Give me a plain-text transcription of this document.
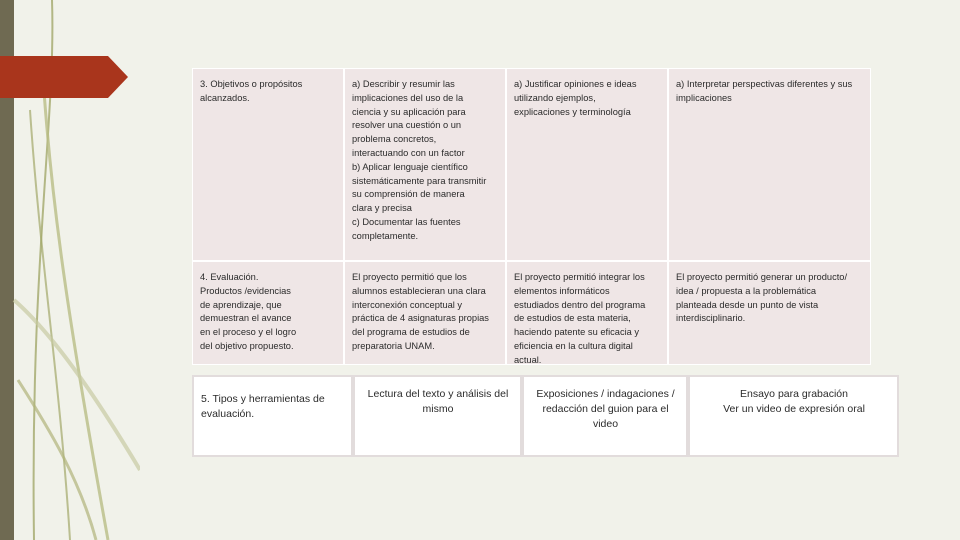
3. Objetivos o propósitos
alcanzados.
a) Describir y resumir las
implicaciones del uso de la
ciencia y su aplicación para
resolver una cuestión o un
problema concretos,
interactuando con un factor
b) Aplicar lenguaje científico
sistemáticamente para transmitir
su comprensión de manera
clara y precisa
c) Documentar las fuentes
completamente.
a) Justificar opiniones e ideas
utilizando ejemplos,
explicaciones y terminología
a) Interpretar perspectivas diferentes y sus
implicaciones
4. Evaluación.
Productos /evidencias
de aprendizaje, que
demuestran el avance
en el proceso y el logro
del objetivo propuesto.
El proyecto permitió que los
alumnos establecieran una clara
interconexión conceptual y
práctica de 4 asignaturas propias
del programa de estudios de
preparatoria UNAM.
El proyecto permitió integrar los
elementos informáticos
estudiados dentro del programa
de estudios de esta materia,
haciendo patente su eficacia y
eficiencia en la cultura digital
actual.
El proyecto permitió generar un producto/
idea / propuesta a la problemática
planteada desde un punto de vista
interdisciplinario.
5. Tipos y herramientas de
evaluación.
Lectura del texto y análisis del
mismo
Exposiciones / indagaciones /
redacción del guion para el
video
Ensayo para grabación
Ver un video de expresión oral
